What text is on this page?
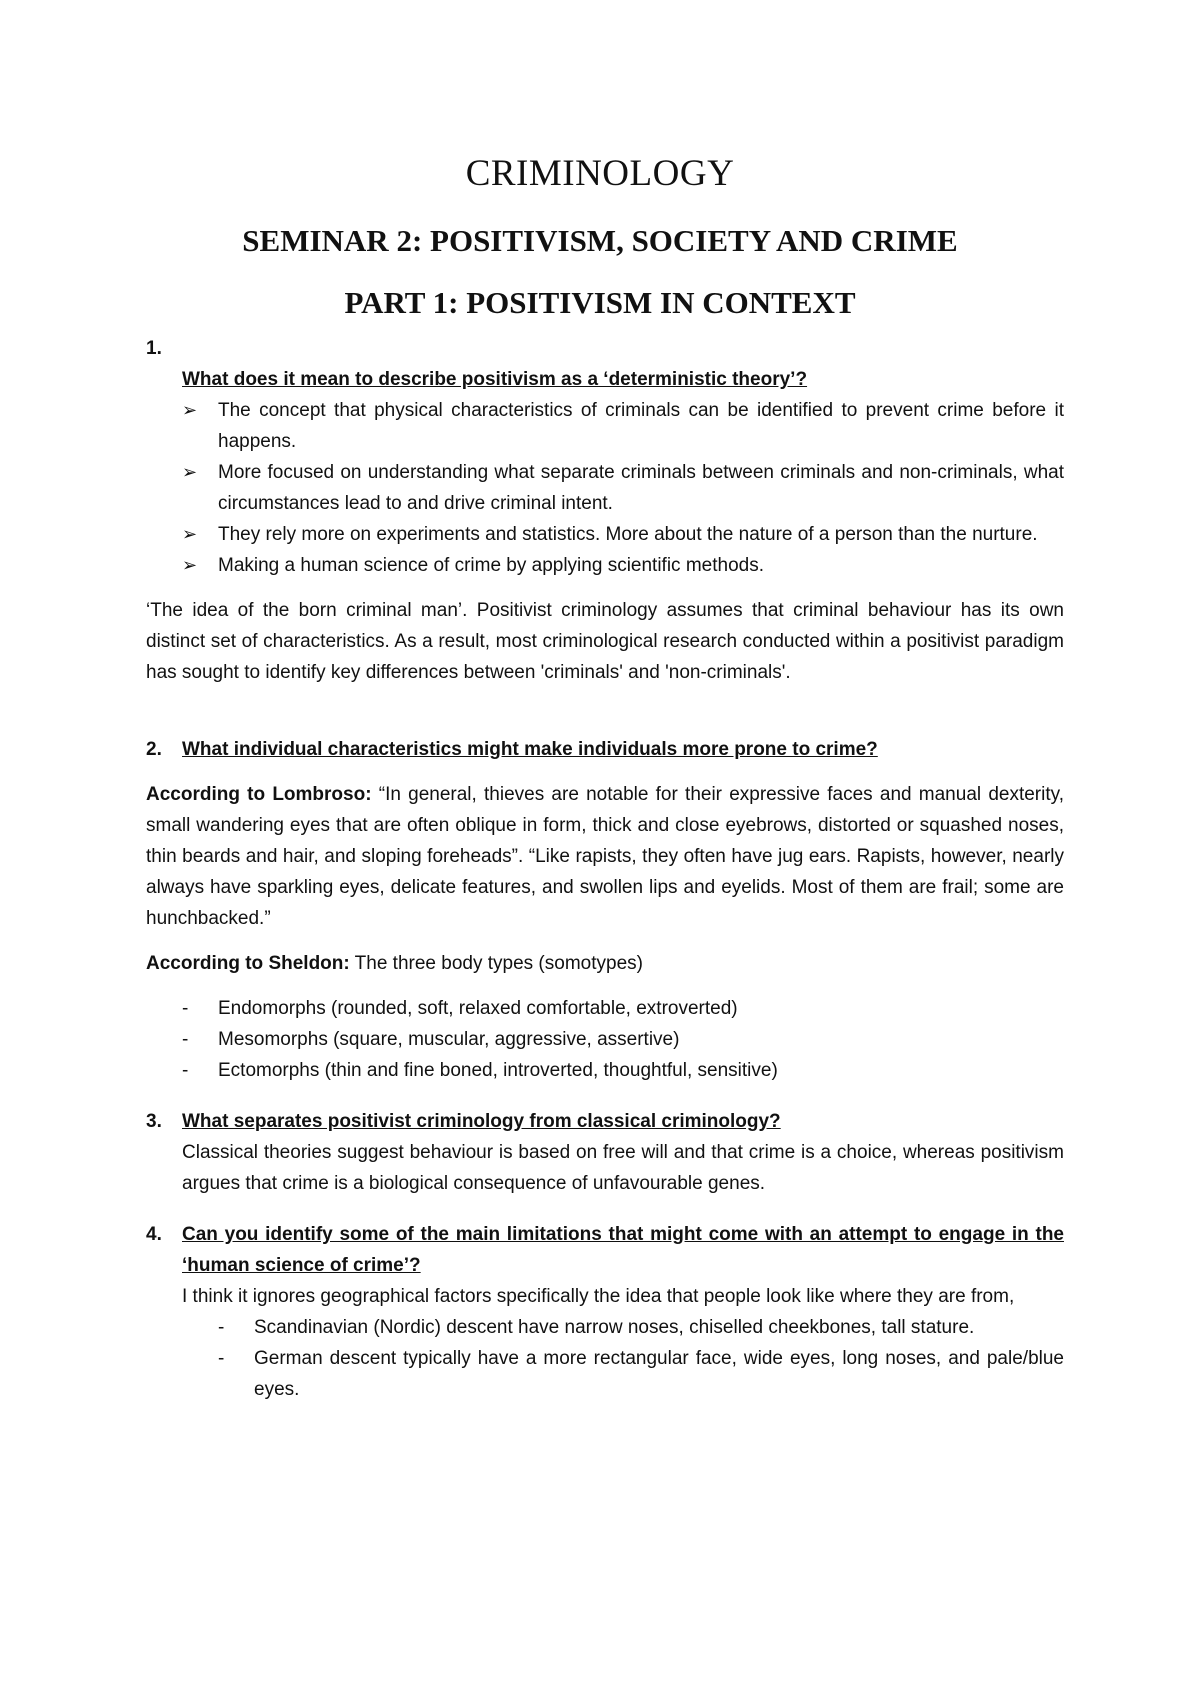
CRIMINOLOGY
SEMINAR 2: POSITIVISM, SOCIETY AND CRIME
PART 1: POSITIVISM IN CONTEXT

1.

What does it mean to describe positivism as a ‘deterministic theory’?

➢ The concept that physical characteristics of criminals can be identified to prevent crime before it happens.
➢ More focused on understanding what separate criminals between criminals and non-criminals, what circumstances lead to and drive criminal intent.
➢ They rely more on experiments and statistics. More about the nature of a person than the nurture.
➢ Making a human science of crime by applying scientific methods.

‘The idea of the born criminal man’. Positivist criminology assumes that criminal behaviour has its own distinct set of characteristics. As a result, most criminological research conducted within a positivist paradigm has sought to identify key differences between 'criminals' and 'non-criminals'.

2. What individual characteristics might make individuals more prone to crime?

According to Lombroso: “In general, thieves are notable for their expressive faces and manual dexterity, small wandering eyes that are often oblique in form, thick and close eyebrows, distorted or squashed noses, thin beards and hair, and sloping foreheads”. “Like rapists, they often have jug ears. Rapists, however, nearly always have sparkling eyes, delicate features, and swollen lips and eyelids. Most of them are frail; some are hunchbacked.”

According to Sheldon: The three body types (somotypes)

- Endomorphs (rounded, soft, relaxed comfortable, extroverted)
- Mesomorphs (square, muscular, aggressive, assertive)
- Ectomorphs (thin and fine boned, introverted, thoughtful, sensitive)
3. What separates positivist criminology from classical criminology?

Classical theories suggest behaviour is based on free will and that crime is a choice, whereas positivism argues that crime is a biological consequence of unfavourable genes.

4. Can you identify some of the main limitations that might come with an attempt to engage in the ‘human science of crime’?

I think it ignores geographical factors specifically the idea that people look like where they are from,

- Scandinavian (Nordic) descent have narrow noses, chiselled cheekbones, tall stature.
- German descent typically have a more rectangular face, wide eyes, long noses, and pale/blue eyes.
